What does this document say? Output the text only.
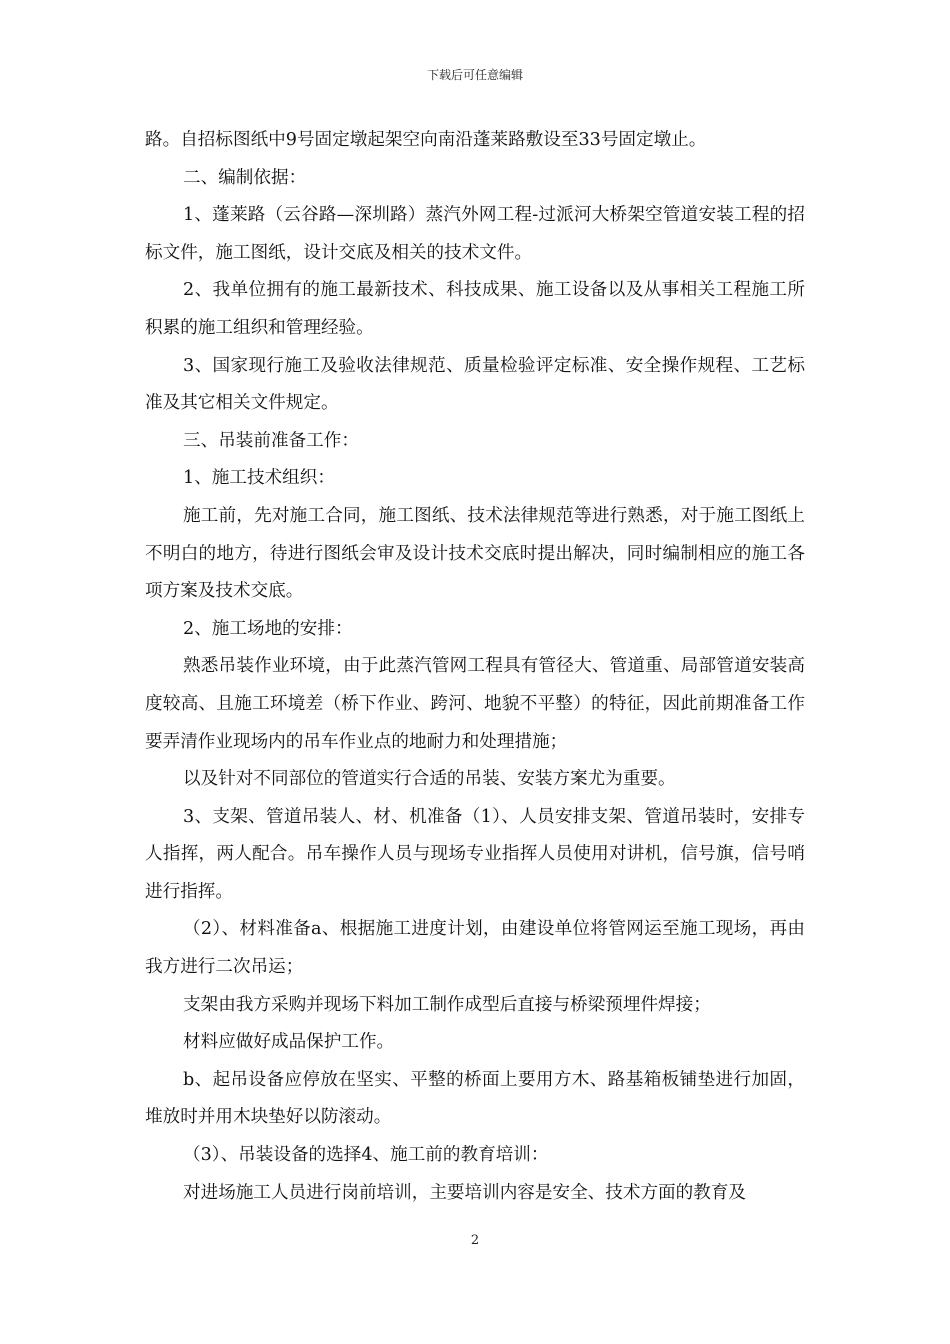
下载后可任意编辑

路。自招标图纸中9号固定墩起架空向南沿蓬莱路敷设至33号固定墩止。

二、编制依据：

1、蓬莱路（云谷路—深圳路）蒸汽外网工程-过派河大桥架空管道安装工程的招标文件，施工图纸，设计交底及相关的技术文件。

2、我单位拥有的施工最新技术、科技成果、施工设备以及从事相关工程施工所积累的施工组织和管理经验。

3、国家现行施工及验收法律规范、质量检验评定标准、安全操作规程、工艺标准及其它相关文件规定。

三、吊装前准备工作：

1、施工技术组织：

施工前，先对施工合同，施工图纸、技术法律规范等进行熟悉，对于施工图纸上不明白的地方，待进行图纸会审及设计技术交底时提出解决，同时编制相应的施工各项方案及技术交底。

2、施工场地的安排：

熟悉吊装作业环境，由于此蒸汽管网工程具有管径大、管道重、局部管道安装高度较高、且施工环境差（桥下作业、跨河、地貌不平整）的特征，因此前期准备工作要弄清作业现场内的吊车作业点的地耐力和处理措施；

以及针对不同部位的管道实行合适的吊装、安装方案尤为重要。

3、支架、管道吊装人、材、机准备（1）、人员安排支架、管道吊装时，安排专人指挥，两人配合。吊车操作人员与现场专业指挥人员使用对讲机，信号旗，信号哨进行指挥。

（2）、材料准备a、根据施工进度计划，由建设单位将管网运至施工现场，再由我方进行二次吊运；

支架由我方采购并现场下料加工制作成型后直接与桥梁预埋件焊接；

材料应做好成品保护工作。

b、起吊设备应停放在坚实、平整的桥面上要用方木、路基箱板铺垫进行加固，堆放时并用木块垫好以防滚动。

（3）、吊装设备的选择4、施工前的教育培训：

对进场施工人员进行岗前培训，主要培训内容是安全、技术方面的教育及

2
